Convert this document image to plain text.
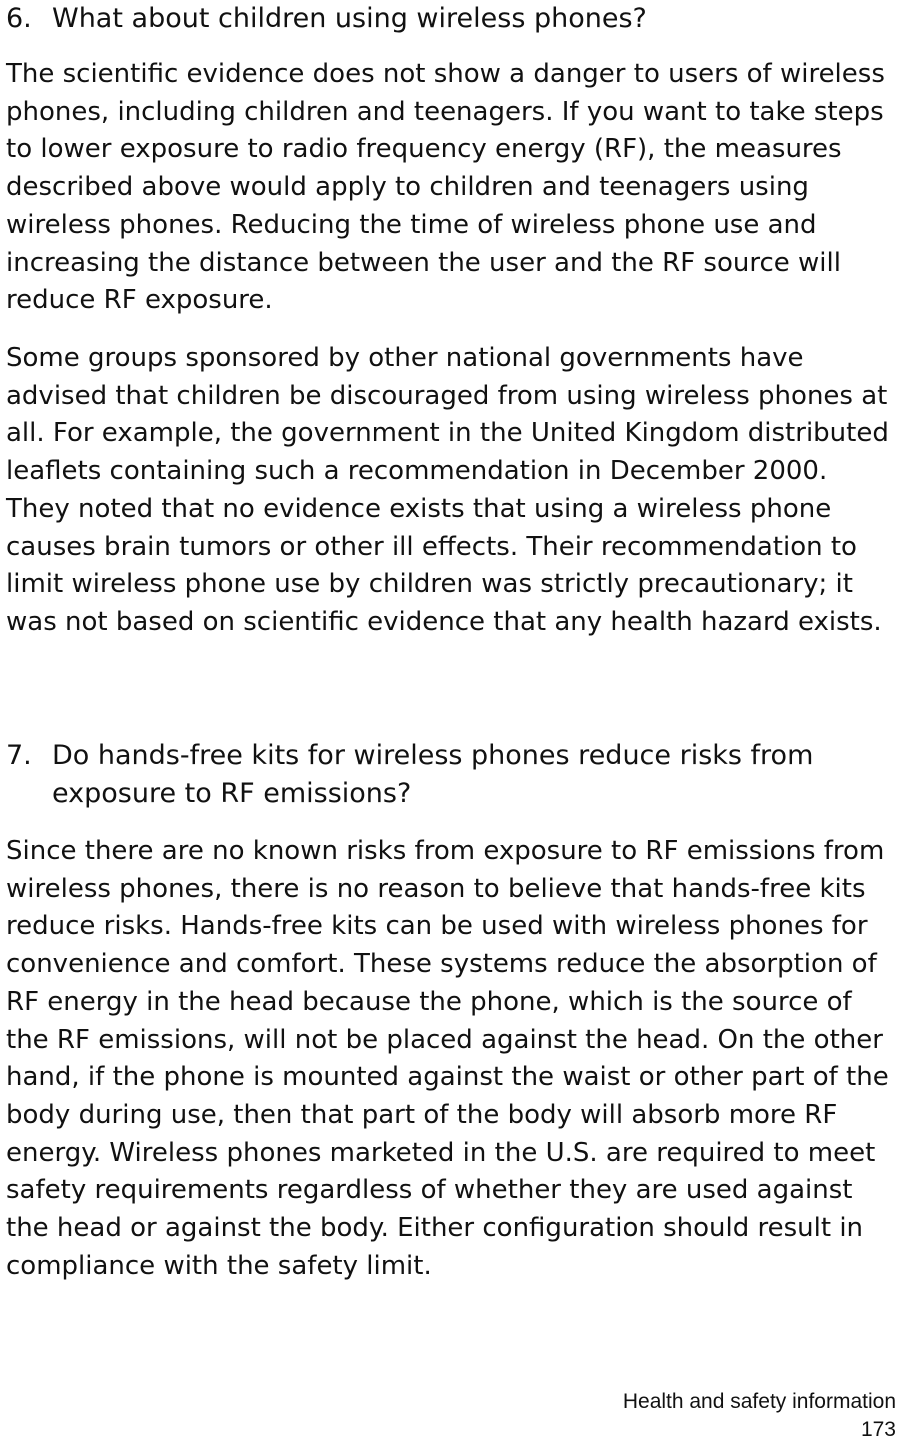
6. What about children using wireless phones?

The scientific evidence does not show a danger to users of wireless phones, including children and teenagers. If you want to take steps to lower exposure to radio frequency energy (RF), the measures described above would apply to children and teenagers using wireless phones. Reducing the time of wireless phone use and increasing the distance between the user and the RF source will reduce RF exposure.

Some groups sponsored by other national governments have advised that children be discouraged from using wireless phones at all. For example, the government in the United Kingdom distributed leaflets containing such a recommendation in December 2000. They noted that no evidence exists that using a wireless phone causes brain tumors or other ill effects. Their recommendation to limit wireless phone use by children was strictly precautionary; it was not based on scientific evidence that any health hazard exists.

7. Do hands-free kits for wireless phones reduce risks from exposure to RF emissions?

Since there are no known risks from exposure to RF emissions from wireless phones, there is no reason to believe that hands-free kits reduce risks. Hands-free kits can be used with wireless phones for convenience and comfort. These systems reduce the absorption of RF energy in the head because the phone, which is the source of the RF emissions, will not be placed against the head. On the other hand, if the phone is mounted against the waist or other part of the body during use, then that part of the body will absorb more RF energy. Wireless phones marketed in the U.S. are required to meet safety requirements regardless of whether they are used against the head or against the body. Either configuration should result in compliance with the safety limit.

Health and safety information
173
